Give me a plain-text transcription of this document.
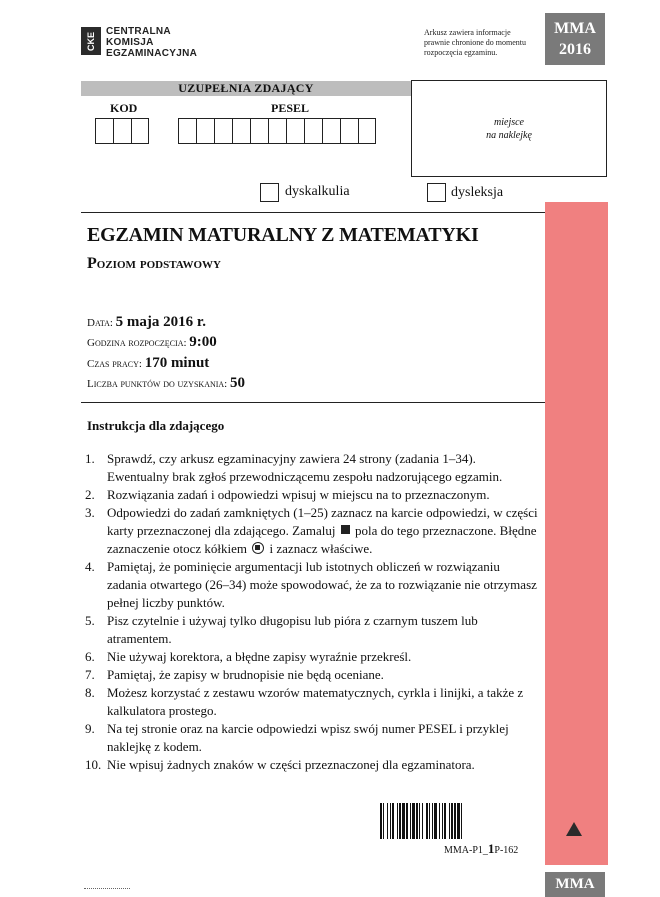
CKE	CENTRALNA
KOMISJA
EGZAMINACYJNA
Arkusz zawiera informacje prawnie chronione do momentu rozpoczęcia egzaminu.
MMA
2016
UZUPEŁNIA ZDAJĄCY
KOD	PESEL
miejsce
na naklejkę
dyskalkulia	dysleksja
EGZAMIN MATURALNY Z MATEMATYKI
Poziom podstawowy
Data: 5 maja 2016 r.
Godzina rozpoczęcia: 9:00
Czas pracy: 170 minut
Liczba punktów do uzyskania: 50
Instrukcja dla zdającego
1. Sprawdź, czy arkusz egzaminacyjny zawiera 24 strony (zadania 1–34). Ewentualny brak zgłoś przewodniczącemu zespołu nadzorującego egzamin.
2. Rozwiązania zadań i odpowiedzi wpisuj w miejscu na to przeznaczonym.
3. Odpowiedzi do zadań zamkniętych (1–25) zaznacz na karcie odpowiedzi, w części karty przeznaczonej dla zdającego. Zamaluj pola do tego przeznaczone. Błędne zaznaczenie otocz kółkiem i zaznacz właściwe.
4. Pamiętaj, że pominięcie argumentacji lub istotnych obliczeń w rozwiązaniu zadania otwartego (26–34) może spowodować, że za to rozwiązanie nie otrzymasz pełnej liczby punktów.
5. Pisz czytelnie i używaj tylko długopisu lub pióra z czarnym tuszem lub atramentem.
6. Nie używaj korektora, a błędne zapisy wyraźnie przekreśl.
7. Pamiętaj, że zapisy w brudnopisie nie będą oceniane.
8. Możesz korzystać z zestawu wzorów matematycznych, cyrkla i linijki, a także z kalkulatora prostego.
9. Na tej stronie oraz na karcie odpowiedzi wpisz swój numer PESEL i przyklej naklejkę z kodem.
10. Nie wpisuj żadnych znaków w części przeznaczonej dla egzaminatora.
MMA-P1_1P-162
MMA
